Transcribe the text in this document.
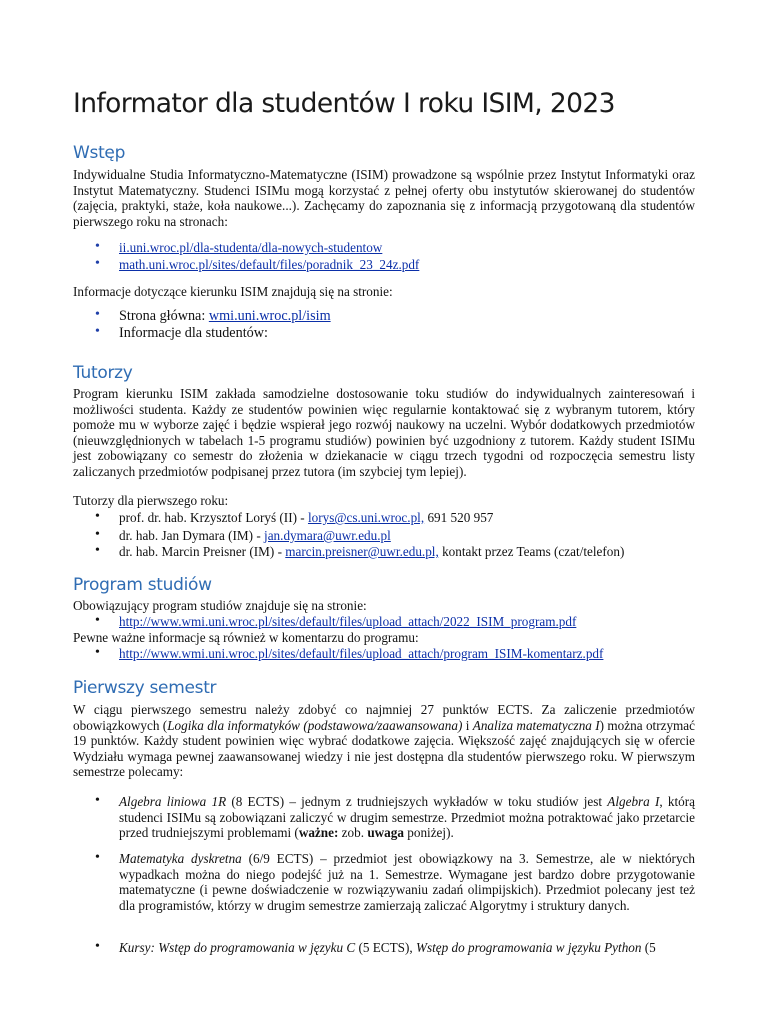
Informator dla studentów I roku ISIM, 2023
Wstęp

Indywidualne Studia Informatyczno-Matematyczne (ISIM) prowadzone są wspólnie przez Instytut Informatyki oraz Instytut Matematyczny. Studenci ISIMu mogą korzystać z pełnej oferty obu instytutów skierowanej do studentów (zajęcia, praktyki, staże, koła naukowe...). Zachęcamy do zapoznania się z informacją przygotowaną dla studentów pierwszego roku na stronach:

• ii.uni.wroc.pl/dla-studenta/dla-nowych-studentow
• math.uni.wroc.pl/sites/default/files/poradnik_23_24z.pdf

Informacje dotyczące kierunku ISIM znajdują się na stronie:

• Strona główna: wmi.uni.wroc.pl/isim
• Informacje dla studentów:
Tutorzy

Program kierunku ISIM zakłada samodzielne dostosowanie toku studiów do indywidualnych zainteresowań i możliwości studenta. Każdy ze studentów powinien więc regularnie kontaktować się z wybranym tutorem, który pomoże mu w wyborze zajęć i będzie wspierał jego rozwój naukowy na uczelni. Wybór dodatkowych przedmiotów (nieuwzględnionych w tabelach 1-5 programu studiów) powinien być uzgodniony z tutorem. Każdy student ISIMu jest zobowiązany co semestr do złożenia w dziekanacie w ciągu trzech tygodni od rozpoczęcia semestru listy zaliczanych przedmiotów podpisanej przez tutora (im szybciej tym lepiej).

Tutorzy dla pierwszego roku:

• prof. dr. hab. Krzysztof Loryś (II) - lorys@cs.uni.wroc.pl, 691 520 957
• dr. hab. Jan Dymara (IM) - jan.dymara@uwr.edu.pl
• dr. hab. Marcin Preisner (IM) - marcin.preisner@uwr.edu.pl, kontakt przez Teams (czat/telefon)
Program studiów

Obowiązujący program studiów znajduje się na stronie:

• http://www.wmi.uni.wroc.pl/sites/default/files/upload_attach/2022_ISIM_program.pdf

Pewne ważne informacje są również w komentarzu do programu:

• http://www.wmi.uni.wroc.pl/sites/default/files/upload_attach/program_ISIM-komentarz.pdf
Pierwszy semestr

W ciągu pierwszego semestru należy zdobyć co najmniej 27 punktów ECTS. Za zaliczenie przedmiotów obowiązkowych (Logika dla informatyków (podstawowa/zaawansowana) i Analiza matematyczna I) można otrzymać 19 punktów. Każdy student powinien więc wybrać dodatkowe zajęcia. Większość zajęć znajdujących się w ofercie Wydziału wymaga pewnej zaawansowanej wiedzy i nie jest dostępna dla studentów pierwszego roku. W pierwszym semestrze polecamy:

• Algebra liniowa 1R (8 ECTS) – jednym z trudniejszych wykładów w toku studiów jest Algebra I, którą studenci ISIMu są zobowiązani zaliczyć w drugim semestrze. Przedmiot można potraktować jako przetarcie przed trudniejszymi problemami (ważne: zob. uwaga poniżej).

• Matematyka dyskretna (6/9 ECTS) – przedmiot jest obowiązkowy na 3. Semestrze, ale w niektórych wypadkach można do niego podejść już na 1. Semestrze. Wymagane jest bardzo dobre przygotowanie matematyczne (i pewne doświadczenie w rozwiązywaniu zadań olimpijskich). Przedmiot polecany jest też dla programistów, którzy w drugim semestrze zamierzają zaliczać Algorytmy i struktury danych.

• Kursy: Wstęp do programowania w języku C (5 ECTS), Wstęp do programowania w języku Python (5
